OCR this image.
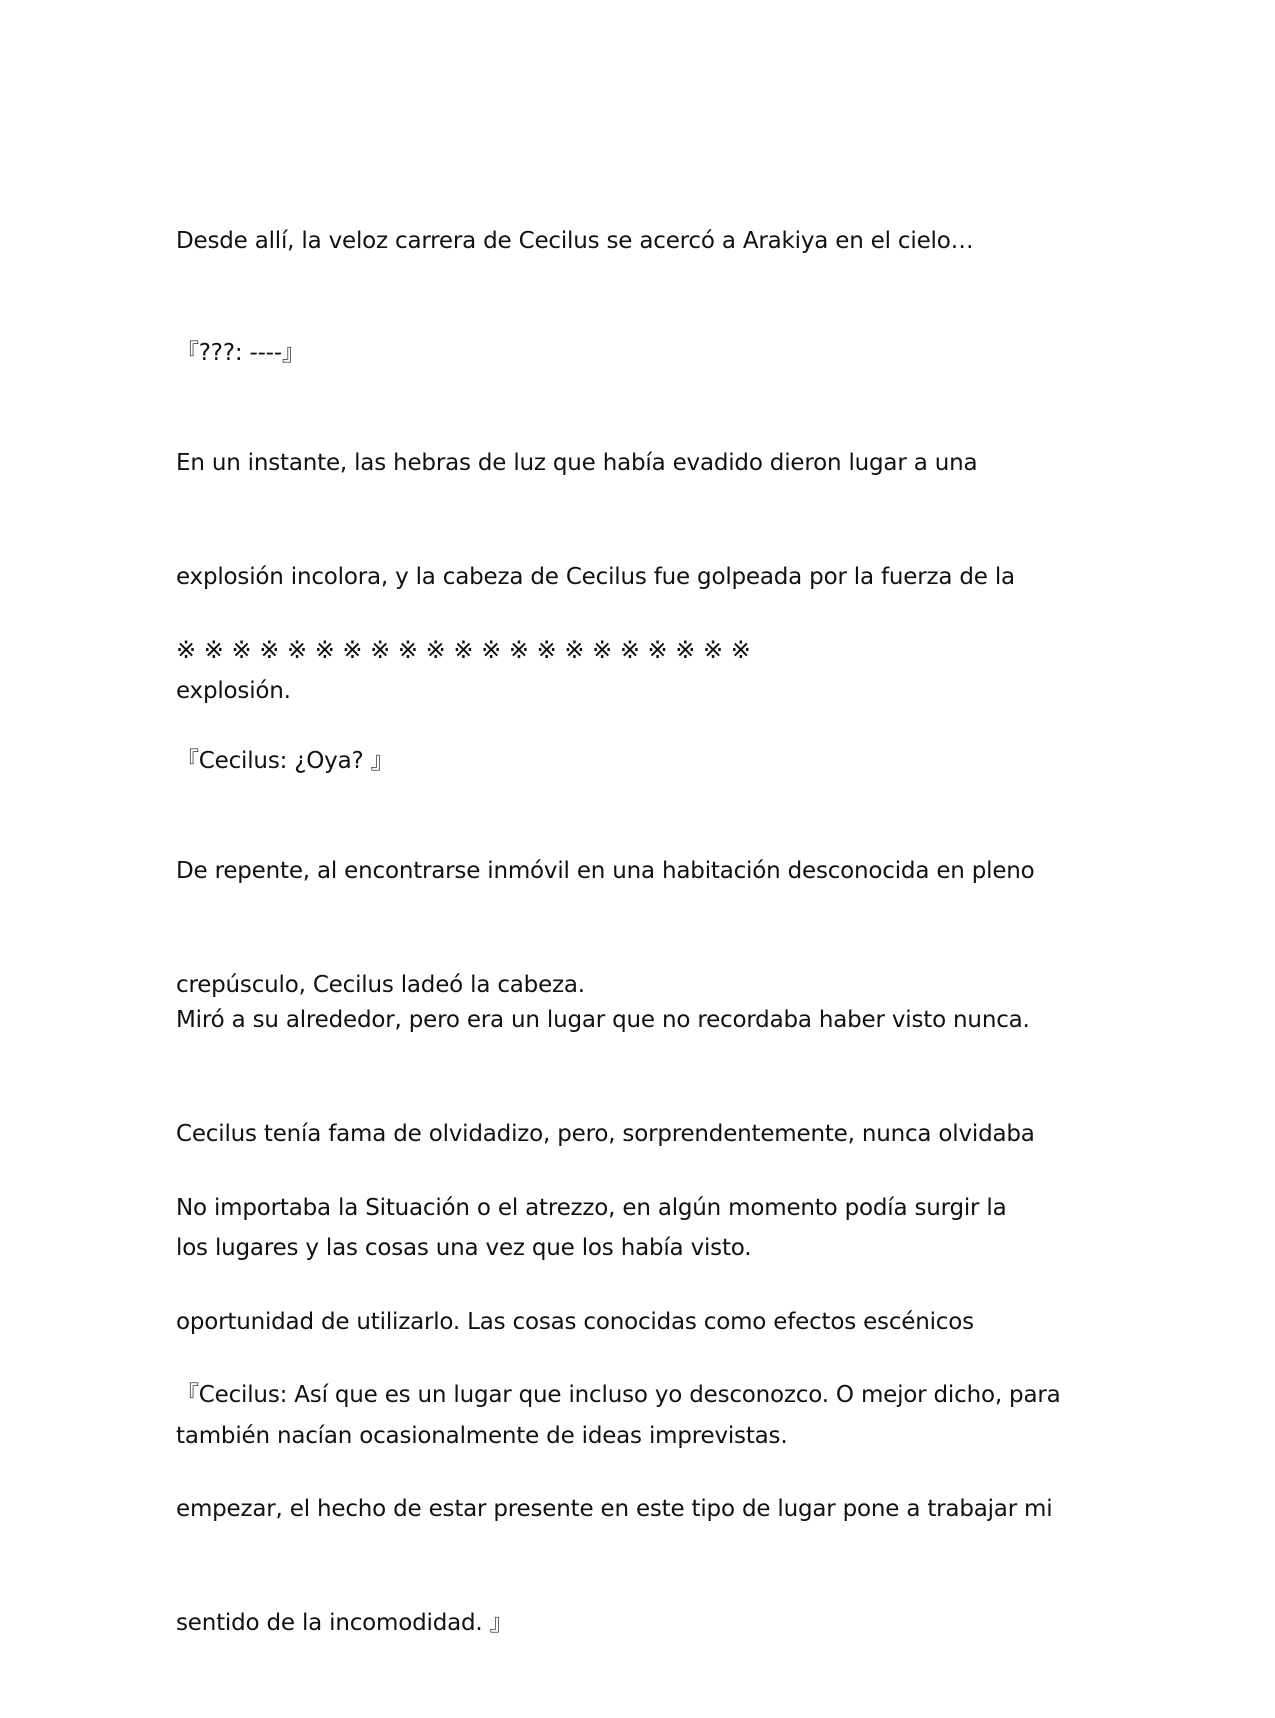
Desde allí, la veloz carrera de Cecilus se acercó a Arakiya en el cielo…

『???: ----』

En un instante, las hebras de luz que había evadido dieron lugar a una

explosión incolora, y la cabeza de Cecilus fue golpeada por la fuerza de la

explosión.

※ ※ ※ ※ ※ ※ ※ ※ ※ ※ ※ ※ ※ ※ ※ ※ ※ ※ ※ ※ ※

『Cecilus: ¿Oya? 』

De repente, al encontrarse inmóvil en una habitación desconocida en pleno

crepúsculo, Cecilus ladeó la cabeza.

Miró a su alrededor, pero era un lugar que no recordaba haber visto nunca.

Cecilus tenía fama de olvidadizo, pero, sorprendentemente, nunca olvidaba

los lugares y las cosas una vez que los había visto.

No importaba la Situación o el atrezzo, en algún momento podía surgir la

oportunidad de utilizarlo. Las cosas conocidas como efectos escénicos

también nacían ocasionalmente de ideas imprevistas.

『Cecilus: Así que es un lugar que incluso yo desconozco. O mejor dicho, para

empezar, el hecho de estar presente en este tipo de lugar pone a trabajar mi

sentido de la incomodidad. 』
